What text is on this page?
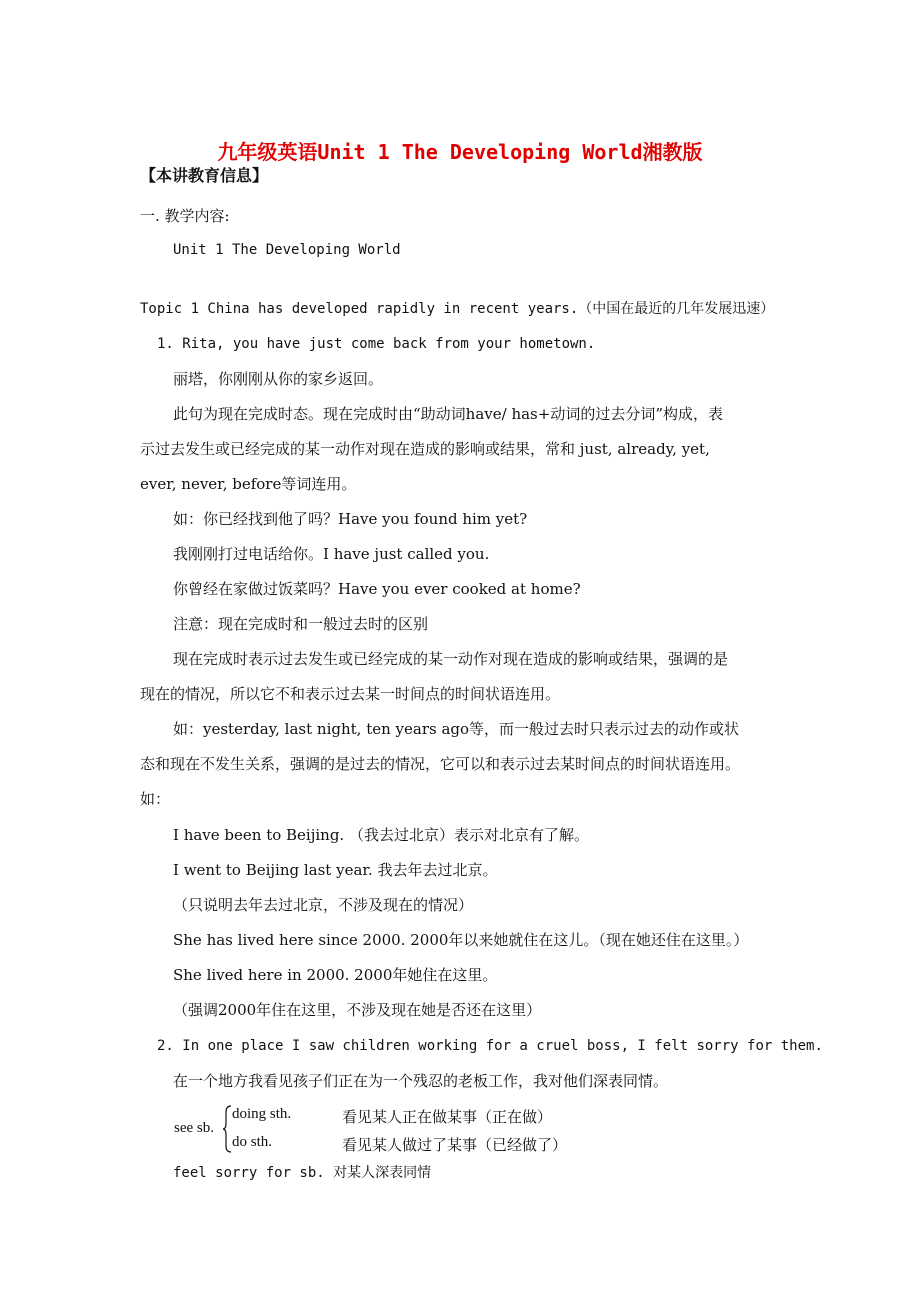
九年级英语Unit 1 The Developing World湘教版
【本讲教育信息】
一. 教学内容:
Unit 1 The Developing World
Topic 1 China has developed rapidly in recent years.（中国在最近的几年发展迅速）
1. Rita, you have just come back from your hometown.
丽塔，你刚刚从你的家乡返回。
此句为现在完成时态。现在完成时由“助动词have/ has+动词的过去分词”构成，表
示过去发生或已经完成的某一动作对现在造成的影响或结果，常和 just, already, yet,
ever, never, before等词连用。
如：你已经找到他了吗？Have you found him yet?
我刚刚打过电话给你。I have just called you.
你曾经在家做过饭菜吗？Have you ever cooked at home?
注意：现在完成时和一般过去时的区别
现在完成时表示过去发生或已经完成的某一动作对现在造成的影响或结果，强调的是
现在的情况，所以它不和表示过去某一时间点的时间状语连用。
如：yesterday, last night, ten years ago等，而一般过去时只表示过去的动作或状
态和现在不发生关系，强调的是过去的情况，它可以和表示过去某时间点的时间状语连用。
如：
I have been to Beijing. （我去过北京）表示对北京有了解。
I went to Beijing last year. 我去年去过北京。
（只说明去年去过北京，不涉及现在的情况）
She has lived here since 2000. 2000年以来她就住在这儿。（现在她还住在这里。）
She lived here in 2000. 2000年她住在这里。
（强调2000年住在这里，不涉及现在她是否还在这里）
2. In one place I saw children working for a cruel boss, I felt sorry for them.
在一个地方我看见孩子们正在为一个残忍的老板工作，我对他们深表同情。
see sb.
doing sth.	看见某人正在做某事（正在做）
do sth.	看见某人做过了某事（已经做了）
feel sorry for sb. 对某人深表同情
